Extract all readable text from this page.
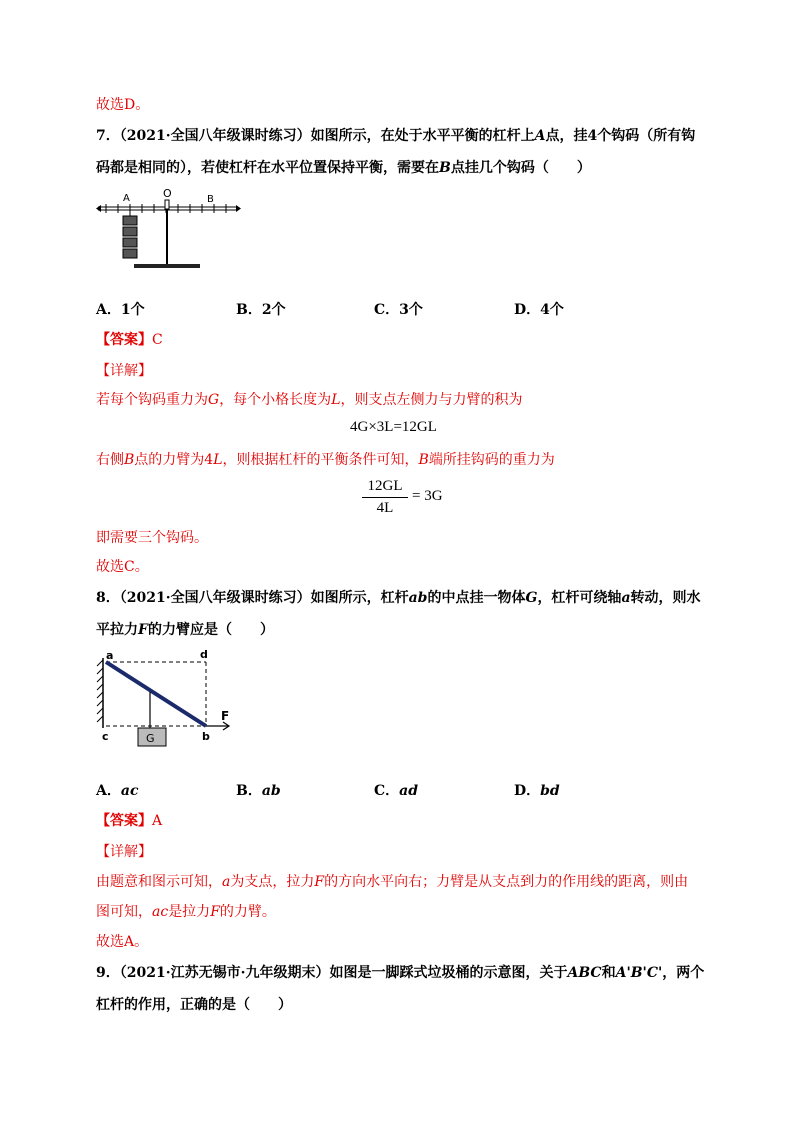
故选D。
7．（2021·全国八年级课时练习）如图所示，在处于水平平衡的杠杆上A点，挂4个钩码（所有钩
码都是相同的），若使杠杆在水平位置保持平衡，需要在B点挂几个钩码（　　）
A	O	B
A．1个	B．2个	C．3个	D．4个
【答案】C
【详解】
若每个钩码重力为G，每个小格长度为L，则支点左侧力与力臂的积为
4G×3L=12GL
右侧B点的力臂为4L，则根据杠杆的平衡条件可知，B端所挂钩码的重力为
12GL
4L
= 3G
即需要三个钩码。
故选C。
8．（2021·全国八年级课时练习）如图所示，杠杆ab的中点挂一物体G，杠杆可绕轴a转动，则水
平拉力F的力臂应是（　　）
G
a	d
c	b
F
A．ac	B．ab	C．ad	D．bd
【答案】A
【详解】
由题意和图示可知，a为支点，拉力F的方向水平向右；力臂是从支点到力的作用线的距离，则由
图可知，ac是拉力F的力臂。
故选A。
9．（2021·江苏无锡市·九年级期末）如图是一脚踩式垃圾桶的示意图，关于ABC和A'B'C'，两个
杠杆的作用，正确的是（　　）
